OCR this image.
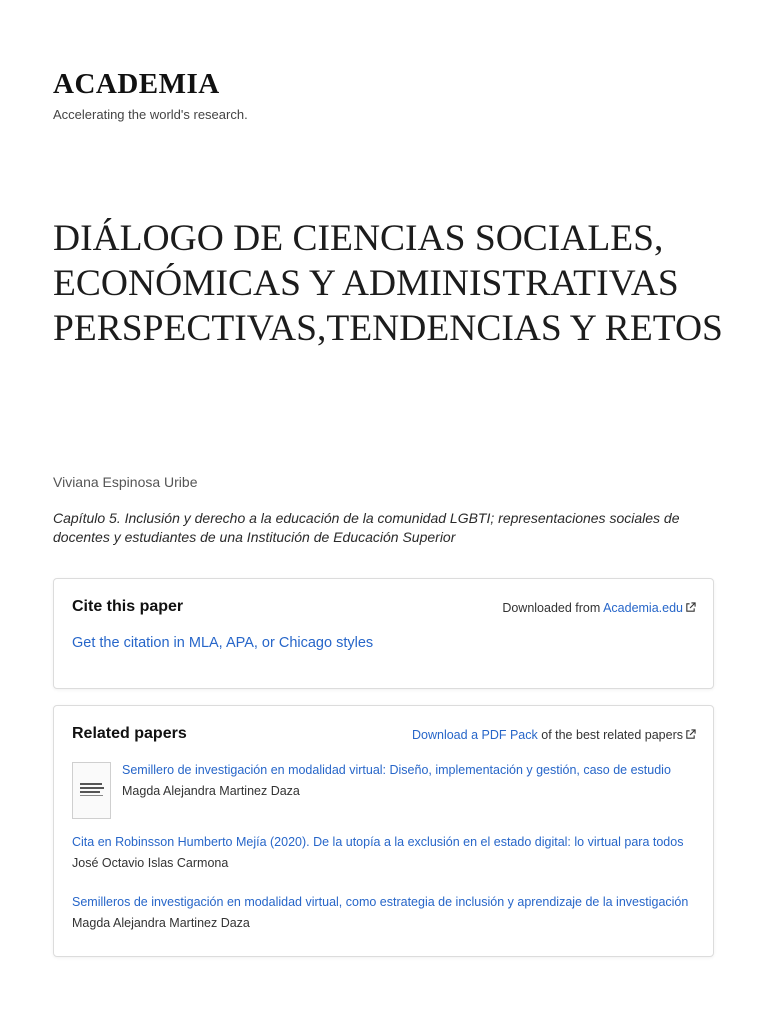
ACADEMIA

Accelerating the world's research.

DIÁLOGO DE CIENCIAS SOCIALES, ECONÓMICAS Y ADMINISTRATIVAS PERSPECTIVAS,TENDENCIAS Y RETOS

Viviana Espinosa Uribe

Capítulo 5. Inclusión y derecho a la educación de la comunidad LGBTI; representaciones sociales de docentes y estudiantes de una Institución de Educación Superior

Cite this paper	Downloaded from Academia.edu
Get the citation in MLA, APA, or Chicago styles
Related papers	Download a PDF Pack of the best related papers
Semillero de investigación en modalidad virtual: Diseño, implementación y gestión, caso de estudio
Magda Alejandra Martinez Daza
Cita en Robinsson Humberto Mejía (2020). De la utopía a la exclusión en el estado digital: lo virtual para todos
José Octavio Islas Carmona
Semilleros de investigación en modalidad virtual, como estrategia de inclusión y aprendizaje de la investigación
Magda Alejandra Martinez Daza
